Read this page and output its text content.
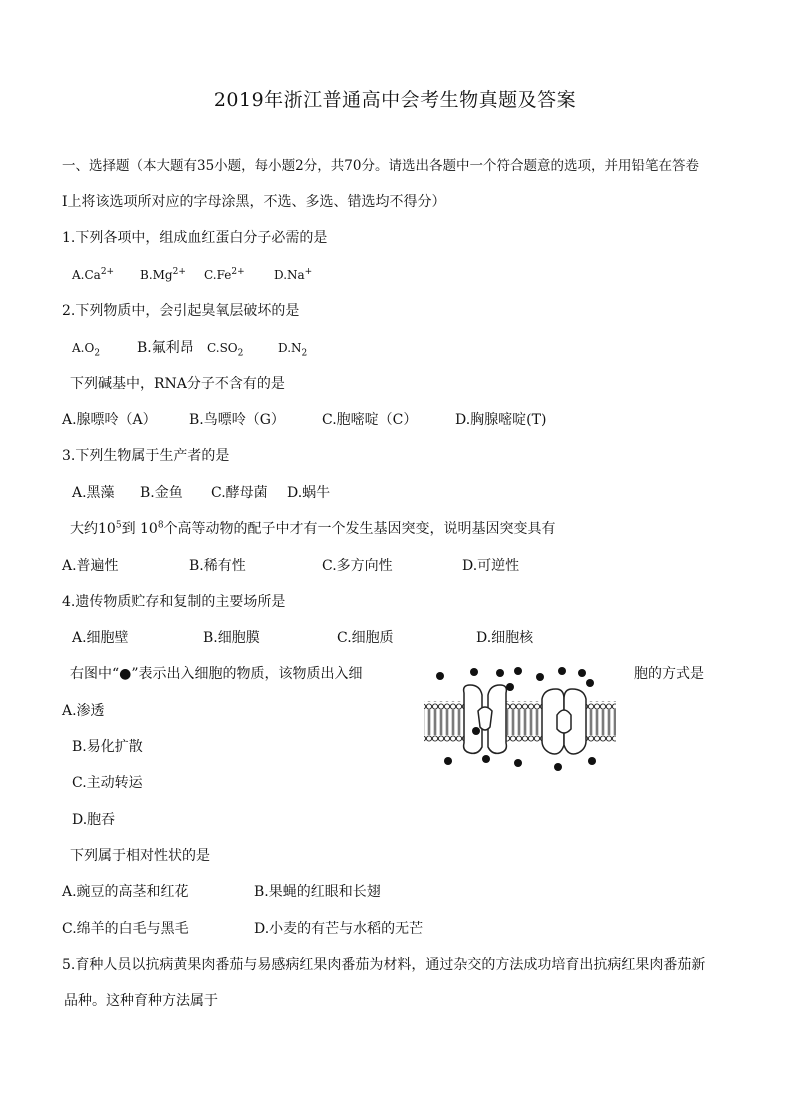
2019年浙江普通高中会考生物真题及答案
一、选择题（本大题有35小题，每小题2分，共70分。请选出各题中一个符合题意的选项，并用铅笔在答卷
Ⅰ上将该选项所对应的字母涂黑，不选、多选、错选均不得分）
1.下列各项中，组成血红蛋白分子必需的是
$A.Ca^{2+}$ $B.Mg^{2+}$ $C.Fe^{2+}$ D.Na+
2.下列物质中，会引起臭氧层破坏的是
$A.O_2$	B.氟利昂 $C.SO_2$	$D.N_2$
下列碱基中，RNA分子不含有的是
A.腺嘌呤（A） B.鸟嘌呤（G）	C.胞嘧啶（C）	D.胸腺嘧啶(T)
3.下列生物属于生产者的是
A.黑藻 B.金鱼 C.酵母菌 D.蜗牛
大约$10^5$到 $10^8$个高等动物的配子中才有一个发生基因突变，说明基因突变具有
A.普遍性	B.稀有性	C.多方向性	D.可逆性
4.遗传物质贮存和复制的主要场所是
A.细胞壁	B.细胞膜	C.细胞质	D.细胞核
右图中“●”表示出入细胞的物质，该物质出入细	胞的方式是
A.渗透
B.易化扩散
C.主动转运
D.胞吞
下列属于相对性状的是
A.豌豆的高茎和红花	B.果蝇的红眼和长翅
C.绵羊的白毛与黑毛	D.小麦的有芒与水稻的无芒
5.育种人员以抗病黄果肉番茄与易感病红果肉番茄为材料，通过杂交的方法成功培育出抗病红果肉番茄新
品种。这种育种方法属于
